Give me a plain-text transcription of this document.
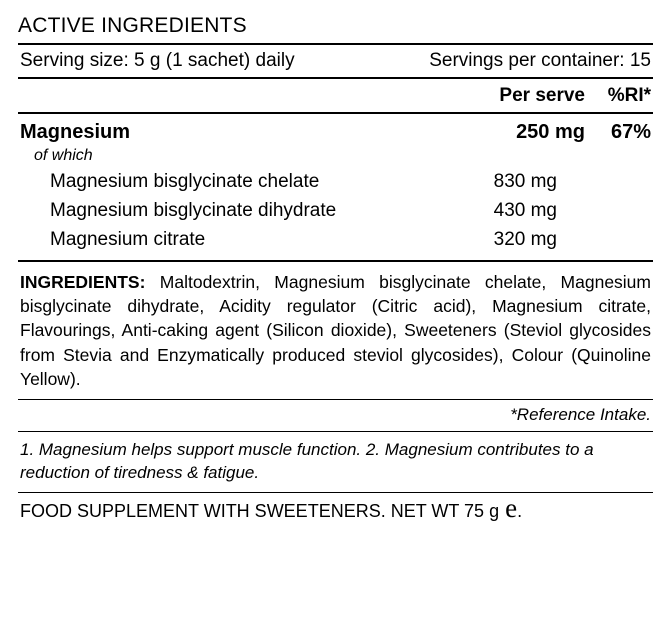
ACTIVE INGREDIENTS
Serving size: 5 g (1 sachet) daily	Servings per container: 15
Per serve	%RI*
Magnesium	250 mg	67%
of which
Magnesium bisglycinate chelate	830 mg
Magnesium bisglycinate dihydrate	430 mg
Magnesium citrate	320 mg
INGREDIENTS: Maltodextrin, Magnesium bisglycinate chelate, Magnesium bisglycinate dihydrate, Acidity regulator (Citric acid), Magnesium citrate, Flavourings, Anti-caking agent (Silicon dioxide), Sweeteners (Steviol glycosides from Stevia and Enzymatically produced steviol glycosides), Colour (Quinoline Yellow).
*Reference Intake.
1. Magnesium helps support muscle function. 2. Magnesium contributes to a reduction of tiredness & fatigue.
FOOD SUPPLEMENT WITH SWEETENERS. NET WT 75 g e .
